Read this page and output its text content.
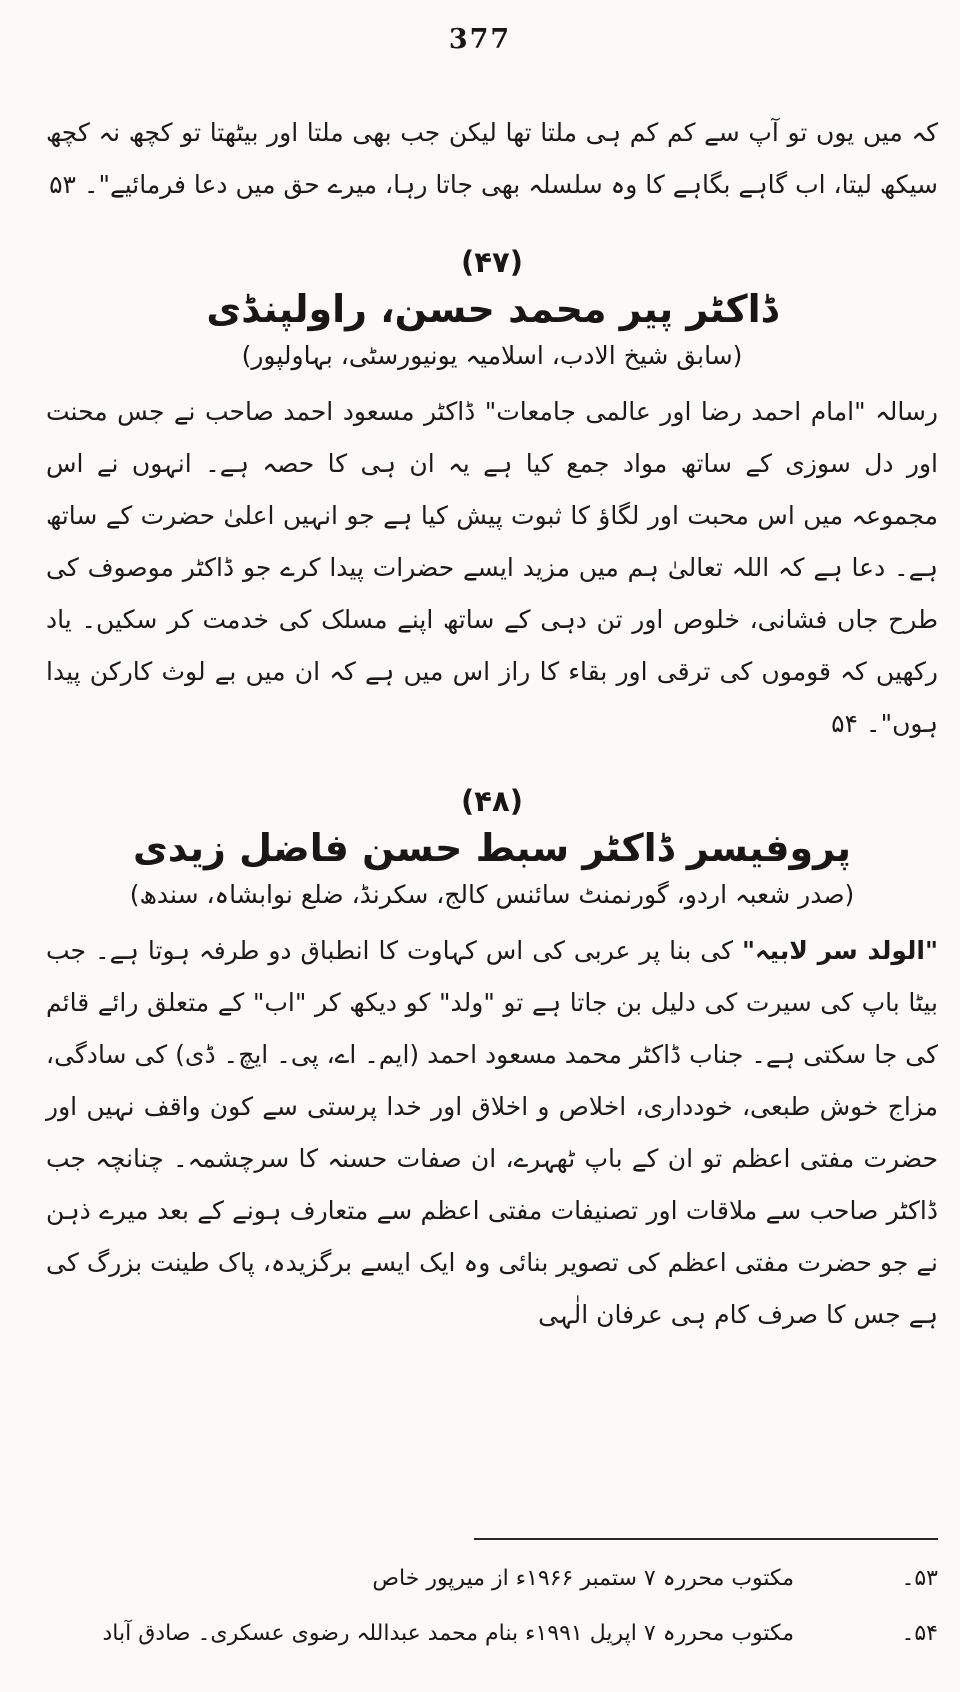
377

کہ میں یوں تو آپ سے کم کم ہی ملتا تھا لیکن جب بھی ملتا اور بیٹھتا تو کچھ نہ کچھ سیکھ لیتا، اب گاہے بگاہے کا وہ سلسلہ بھی جاتا رہا، میرے حق میں دعا فرمائیے"۔ ۵۳

(۴۷)
ڈاکٹر پیر محمد حسن، راولپنڈی
(سابق شیخ الادب، اسلامیہ یونیورسٹی، بہاولپور)

رسالہ "امام احمد رضا اور عالمی جامعات" ڈاکٹر مسعود احمد صاحب نے جس محنت اور دل سوزی کے ساتھ مواد جمع کیا ہے یہ ان ہی کا حصہ ہے۔ انہوں نے اس مجموعہ میں اس محبت اور لگاؤ کا ثبوت پیش کیا ہے جو انہیں اعلیٰ حضرت کے ساتھ ہے۔ دعا ہے کہ اللہ تعالیٰ ہم میں مزید ایسے حضرات پیدا کرے جو ڈاکٹر موصوف کی طرح جاں فشانی، خلوص اور تن دہی کے ساتھ اپنے مسلک کی خدمت کر سکیں۔ یاد رکھیں کہ قوموں کی ترقی اور بقاء کا راز اس میں ہے کہ ان میں بے لوث کارکن پیدا ہوں"۔ ۵۴

(۴۸)
پروفیسر ڈاکٹر سبط حسن فاضل زیدی
(صدر شعبہ اردو، گورنمنٹ سائنس کالج، سکرنڈ، ضلع نوابشاہ، سندھ)

"الولد سر لابیہ" کی بنا پر عربی کی اس کہاوت کا انطباق دو طرفہ ہوتا ہے۔ جب بیٹا باپ کی سیرت کی دلیل بن جاتا ہے تو "ولد" کو دیکھ کر "اب" کے متعلق رائے قائم کی جا سکتی ہے۔ جناب ڈاکٹر محمد مسعود احمد (ایم۔ اے، پی۔ ایچ۔ ڈی) کی سادگی، مزاج خوش طبعی، خودداری، اخلاص و اخلاق اور خدا پرستی سے کون واقف نہیں اور حضرت مفتی اعظم تو ان کے باپ ٹھہرے، ان صفات حسنہ کا سرچشمہ۔ چنانچہ جب ڈاکٹر صاحب سے ملاقات اور تصنیفات مفتی اعظم سے متعارف ہونے کے بعد میرے ذہن نے جو حضرت مفتی اعظم کی تصویر بنائی وہ ایک ایسے برگزیدہ، پاک طینت بزرگ کی ہے جس کا صرف کام ہی عرفان الٰہی

۵۳۔
مکتوب محررہ ۷ ستمبر ۱۹۶۶ء از میرپور خاص
۵۴۔
مکتوب محررہ ۷ اپریل ۱۹۹۱ء بنام محمد عبداللہ رضوی عسکری۔ صادق آباد
